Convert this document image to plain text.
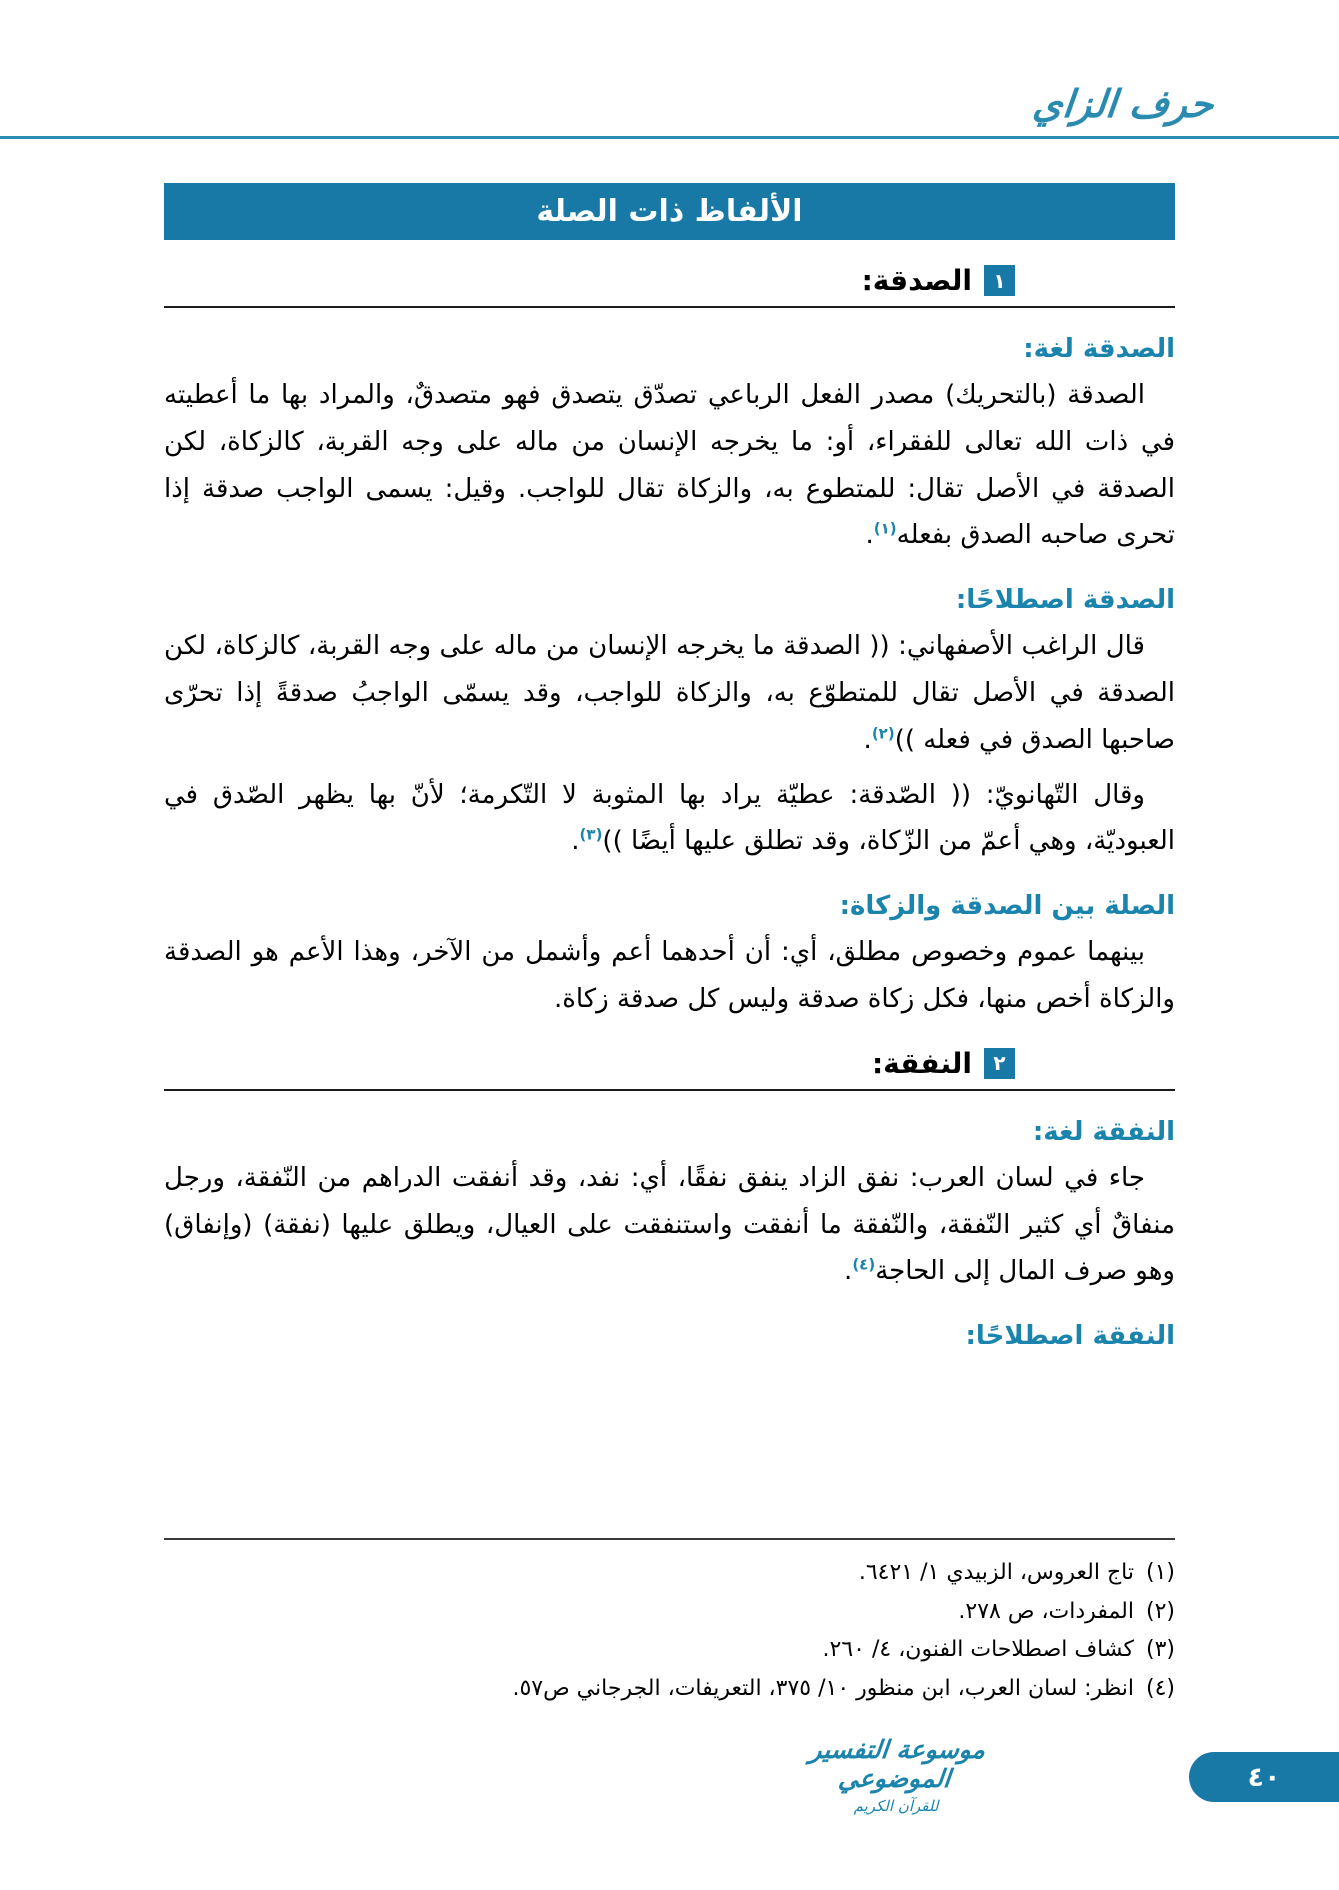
حرف الزاي
الألفاظ ذات الصلة
١
الصدقة:
الصدقة لغة:

الصدقة (بالتحريك) مصدر الفعل الرباعي تصدّق يتصدق فهو متصدقٌ، والمراد بها ما أعطيته في ذات الله تعالى للفقراء، أو: ما يخرجه الإنسان من ماله على وجه القربة، كالزكاة، لكن الصدقة في الأصل تقال: للمتطوع به، والزكاة تقال للواجب. وقيل: يسمى الواجب صدقة إذا تحرى صاحبه الصدق بفعله$^{(١)}$.

الصدقة اصطلاحًا:

قال الراغب الأصفهاني: (( الصدقة ما يخرجه الإنسان من ماله على وجه القربة، كالزكاة، لكن الصدقة في الأصل تقال للمتطوّع به، والزكاة للواجب، وقد يسمّى الواجبُ صدقةً إذا تحرّى صاحبها الصدق في فعله ))$^{(٢)}$.

وقال التّهانويّ: (( الصّدقة: عطيّة يراد بها المثوبة لا التّكرمة؛ لأنّ بها يظهر الصّدق في العبوديّة، وهي أعمّ من الزّكاة، وقد تطلق عليها أيضًا ))$^{(٣)}$.

الصلة بين الصدقة والزكاة:

بينهما عموم وخصوص مطلق، أي: أن أحدهما أعم وأشمل من الآخر، وهذا الأعم هو الصدقة والزكاة أخص منها، فكل زكاة صدقة وليس كل صدقة زكاة.

٢
النفقة:
النفقة لغة:

جاء في لسان العرب: نفق الزاد ينفق نفقًا، أي: نفد، وقد أنفقت الدراهم من النّفقة، ورجل منفاقٌ أي كثير النّفقة، والنّفقة ما أنفقت واستنفقت على العيال، ويطلق عليها (نفقة) (وإنفاق) وهو صرف المال إلى الحاجة$^{(٤)}$.

النفقة اصطلاحًا:
(١)
تاج العروس، الزبيدي ١/ ٦٤٢١.
(٢)
المفردات، ص ٢٧٨.
(٣)
كشاف اصطلاحات الفنون، ٤/ ٢٦٠.
(٤)
انظر: لسان العرب، ابن منظور ١٠/ ٣٧٥، التعريفات، الجرجاني ص٥٧.
موسوعة التفسير الموضوعي
للقرآن الكريم
٤٠
